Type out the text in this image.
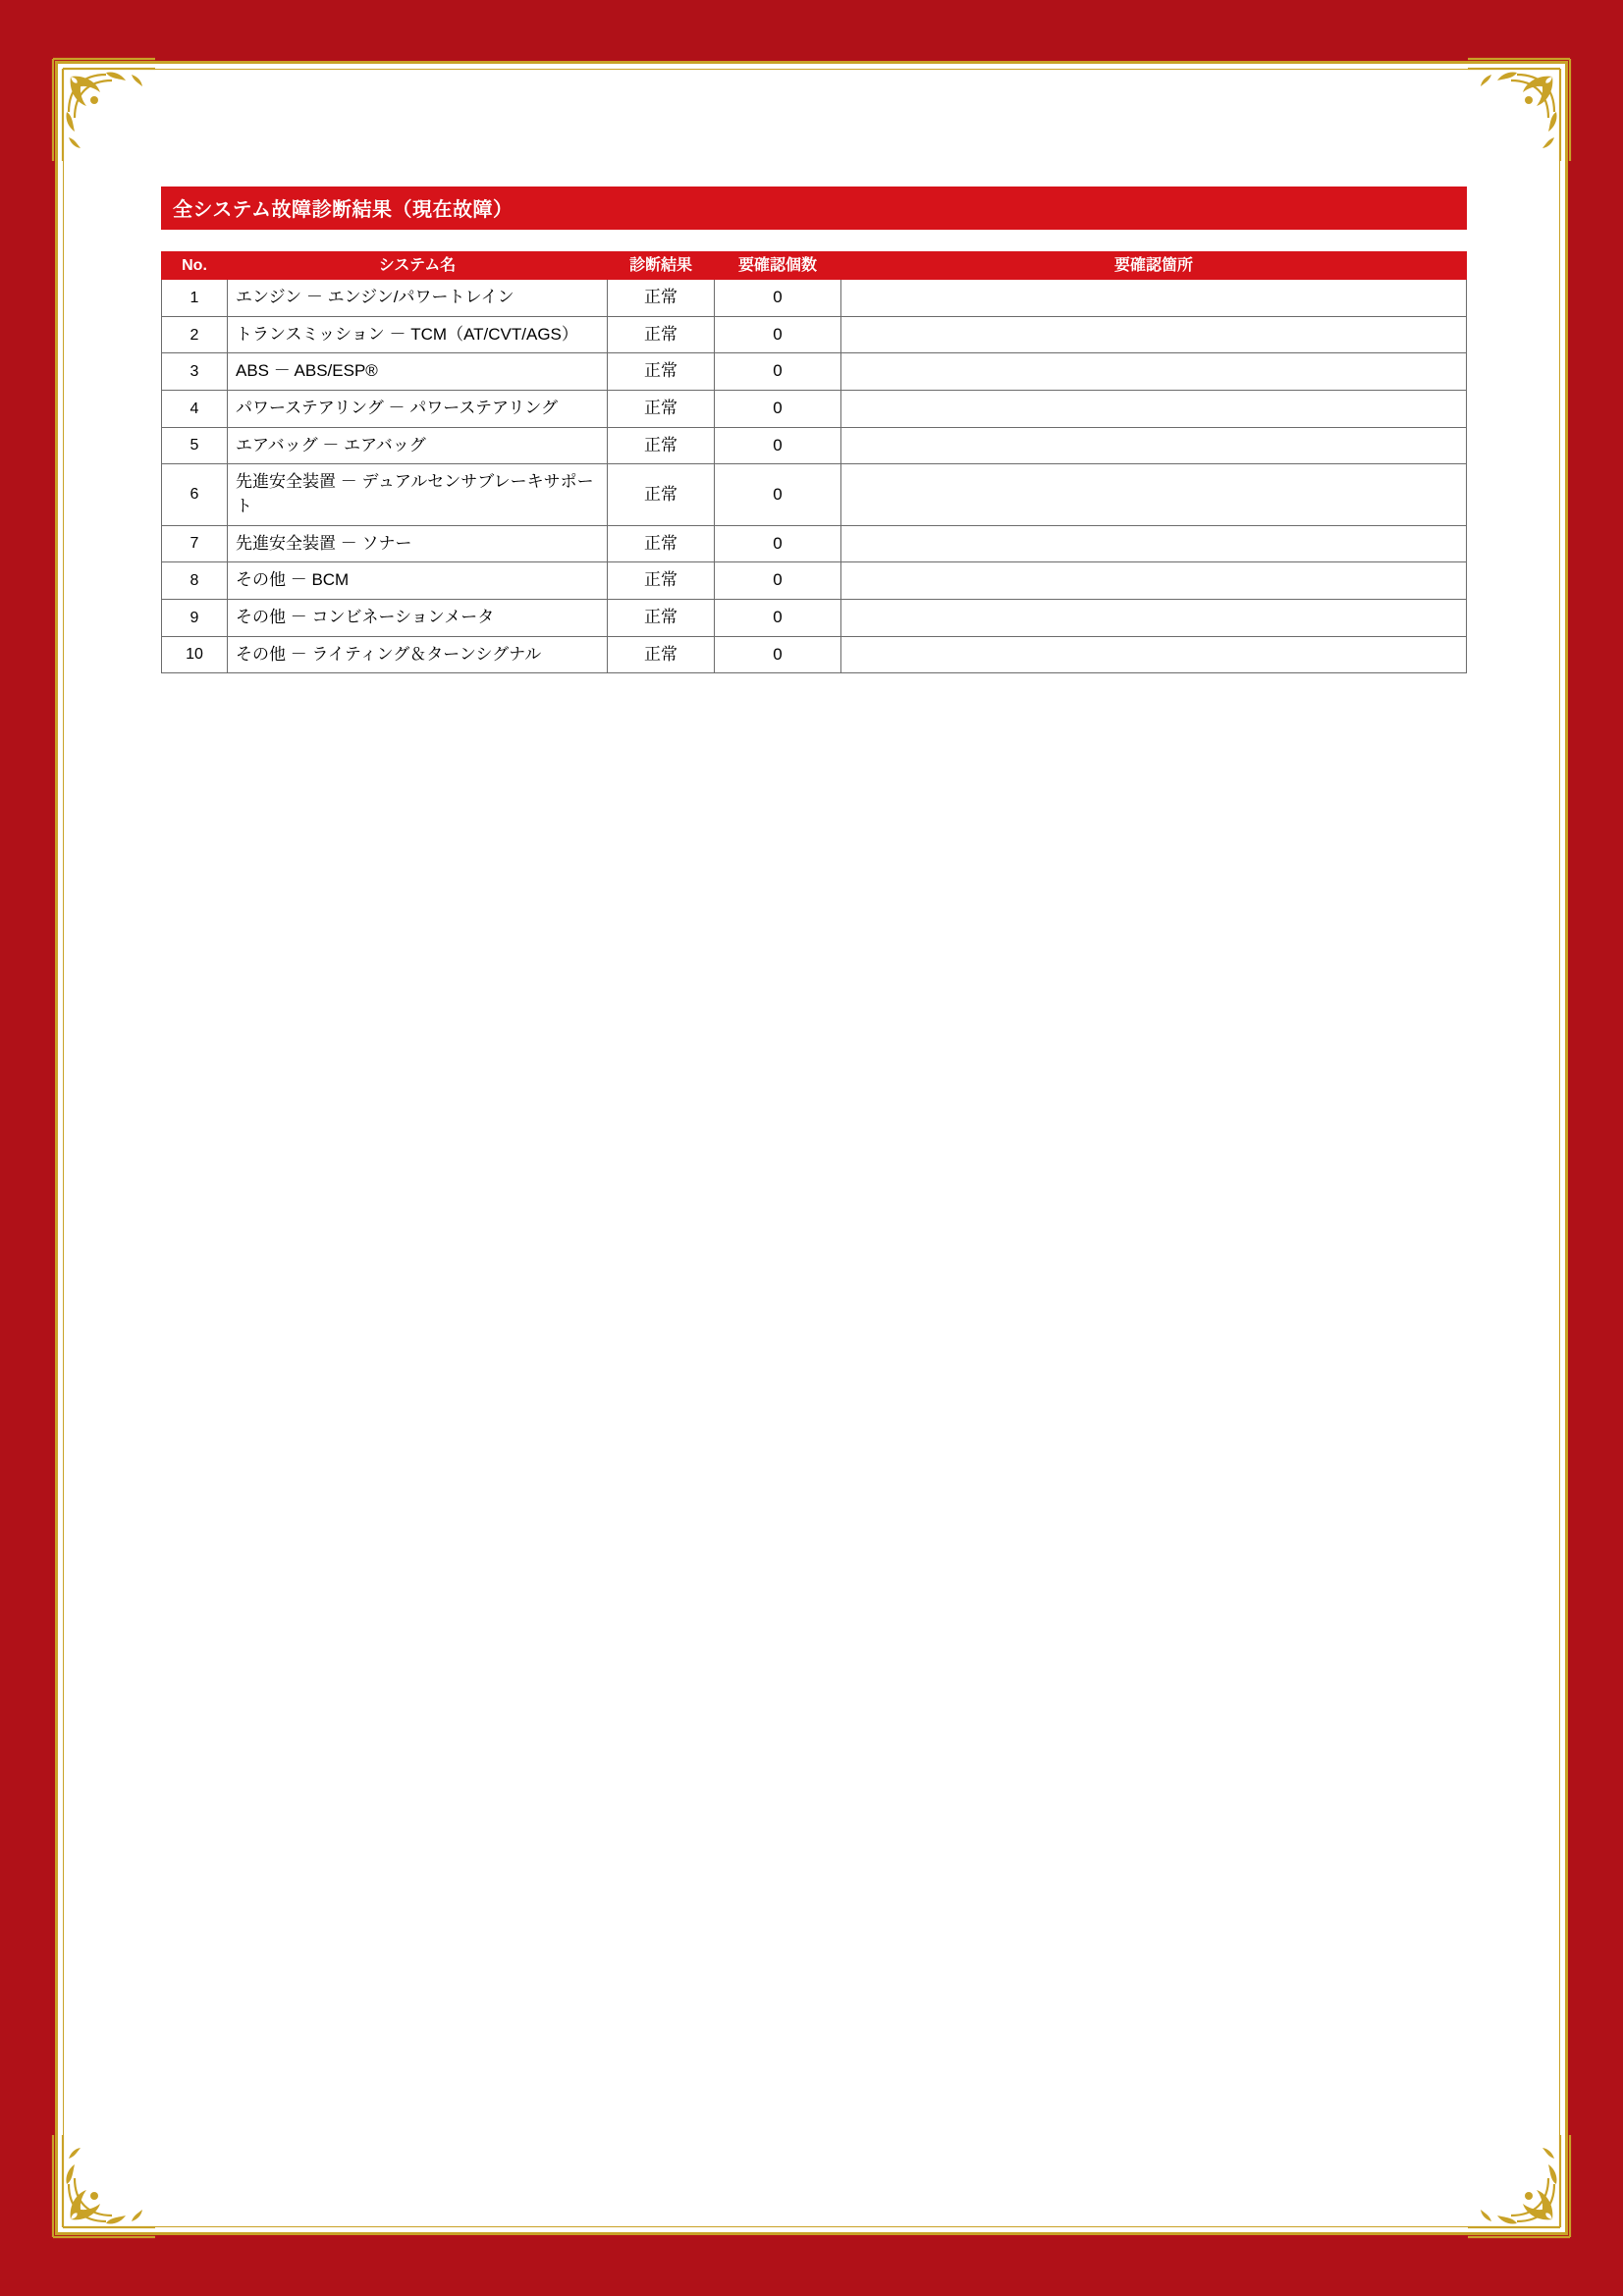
全システム故障診断結果（現在故障）
No.	システム名	診断結果	要確認個数	要確認箇所
1	エンジン － エンジン/パワートレイン	正常	0	
2	トランスミッション － TCM（AT/CVT/AGS）	正常	0	
3	ABS － ABS/ESP®	正常	0	
4	パワーステアリング － パワーステアリング	正常	0	
5	エアバッグ － エアバッグ	正常	0	
6	先進安全装置 － デュアルセンサブレーキサポート	正常	0	
7	先進安全装置 － ソナー	正常	0	
8	その他 － BCM	正常	0	
9	その他 － コンビネーションメータ	正常	0	
10	その他 － ライティング＆ターンシグナル	正常	0	
